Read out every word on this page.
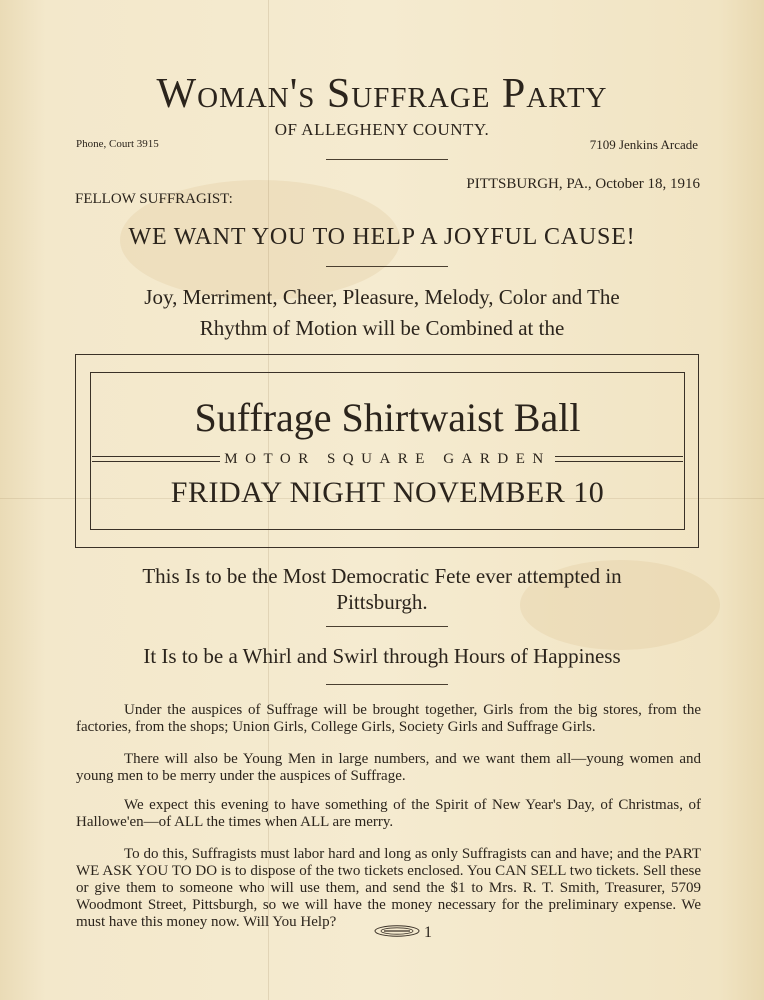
Woman's Suffrage Party
OF ALLEGHENY COUNTY.
Phone, Court 3915	7109 Jenkins Arcade
PITTSBURGH, PA., October 18, 1916
FELLOW SUFFRAGIST:
WE WANT YOU TO HELP A JOYFUL CAUSE!
Joy, Merriment, Cheer, Pleasure, Melody, Color and The
Rhythm of Motion will be Combined at the
Suffrage Shirtwaist Ball
MOTOR SQUARE GARDEN
FRIDAY NIGHT NOVEMBER 10
This Is to be the Most Democratic Fete ever attempted in
Pittsburgh.
It Is to be a Whirl and Swirl through Hours of Happiness
Under the auspices of Suffrage will be brought together, Girls from the big stores, from the factories, from the shops; Union Girls, College Girls, Society Girls and Suffrage Girls.
There will also be Young Men in large numbers, and we want them all—young women and young men to be merry under the auspices of Suffrage.
We expect this evening to have something of the Spirit of New Year's Day, of Christmas, of Hallowe'en—of ALL the times when ALL are merry.
To do this, Suffragists must labor hard and long as only Suffragists can and have; and the PART WE ASK YOU TO DO is to dispose of the two tickets enclosed. You CAN SELL two tickets. Sell these or give them to someone who will use them, and send the $1 to Mrs. R. T. Smith, Treasurer, 5709 Woodmont Street, Pittsburgh, so we will have the money necessary for the preliminary expense. We must have this money now. Will You Help?
1
